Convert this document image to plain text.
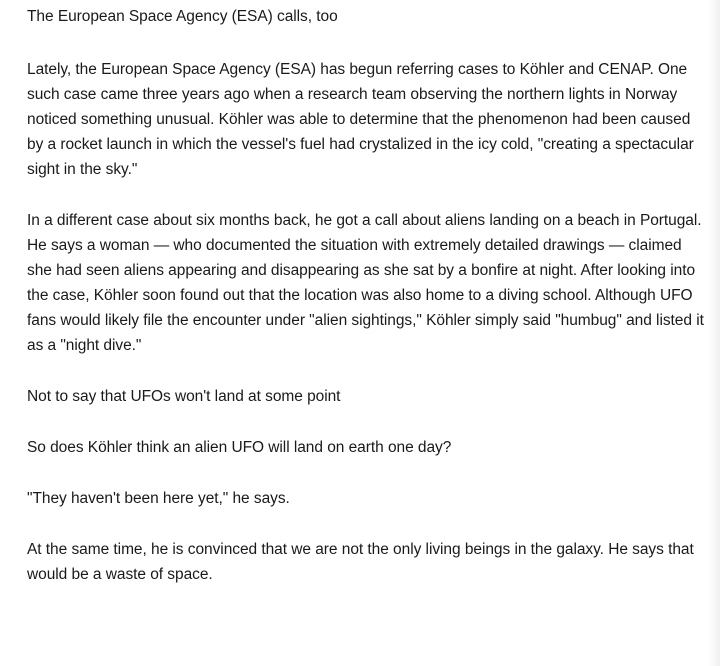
The European Space Agency (ESA) calls, too

Lately, the European Space Agency (ESA) has begun referring cases to Köhler and CENAP. One such case came three years ago when a research team observing the northern lights in Norway noticed something unusual. Köhler was able to determine that the phenomenon had been caused by a rocket launch in which the vessel's fuel had crystalized in the icy cold, "creating a spectacular sight in the sky."

In a different case about six months back, he got a call about aliens landing on a beach in Portugal. He says a woman — who documented the situation with extremely detailed drawings — claimed she had seen aliens appearing and disappearing as she sat by a bonfire at night. After looking into the case, Köhler soon found out that the location was also home to a diving school. Although UFO fans would likely file the encounter under "alien sightings," Köhler simply said "humbug" and listed it as a "night dive."

Not to say that UFOs won't land at some point

So does Köhler think an alien UFO will land on earth one day?

"They haven't been here yet," he says.

At the same time, he is convinced that we are not the only living beings in the galaxy. He says that would be a waste of space.
